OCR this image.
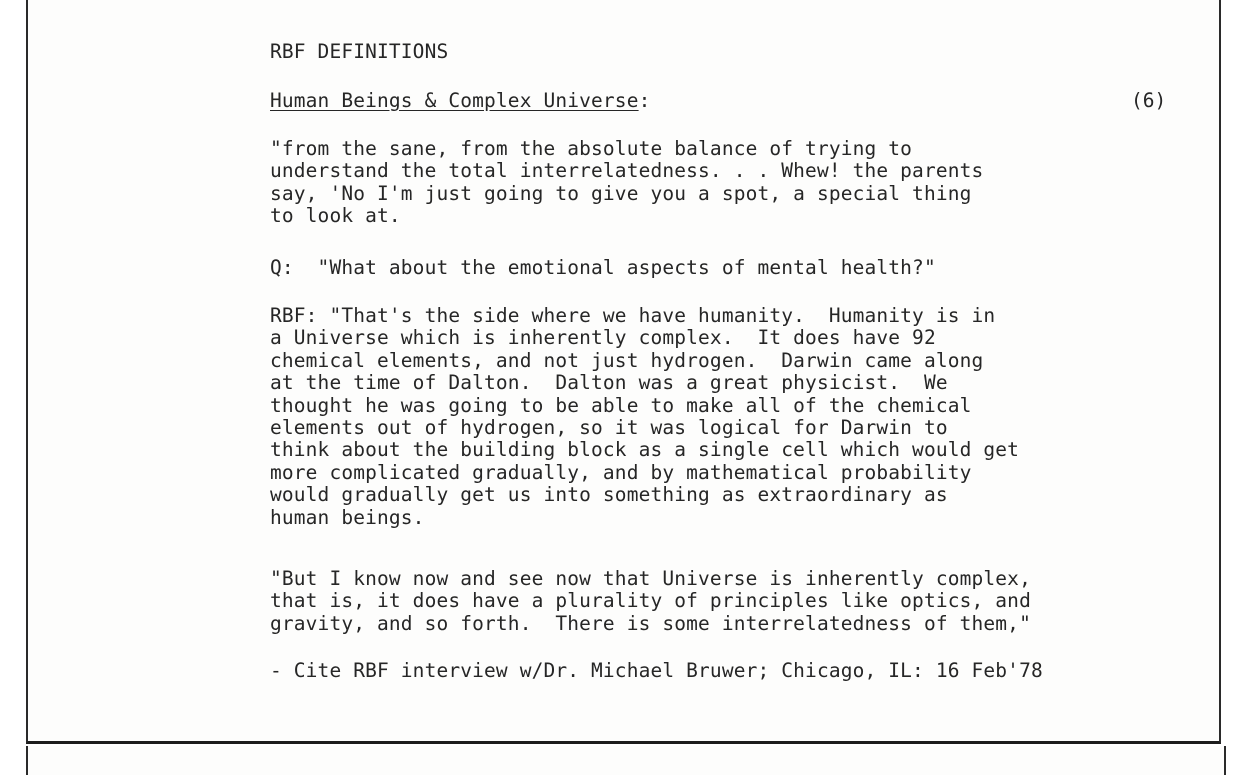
RBF DEFINITIONS
Human Beings & Complex Universe:	(6)
"from the sane, from the absolute balance of trying to
understand the total interrelatedness. . . Whew! the parents
say, 'No I'm just going to give you a spot, a special thing
to look at.
Q:  "What about the emotional aspects of mental health?"
RBF: "That's the side where we have humanity.  Humanity is in
a Universe which is inherently complex.  It does have 92
chemical elements, and not just hydrogen.  Darwin came along
at the time of Dalton.  Dalton was a great physicist.  We
thought he was going to be able to make all of the chemical
elements out of hydrogen, so it was logical for Darwin to
think about the building block as a single cell which would get
more complicated gradually, and by mathematical probability
would gradually get us into something as extraordinary as
human beings.
"But I know now and see now that Universe is inherently complex,
that is, it does have a plurality of principles like optics, and
gravity, and so forth.  There is some interrelatedness of them,"
- Cite RBF interview w/Dr. Michael Bruwer; Chicago, IL: 16 Feb'78
